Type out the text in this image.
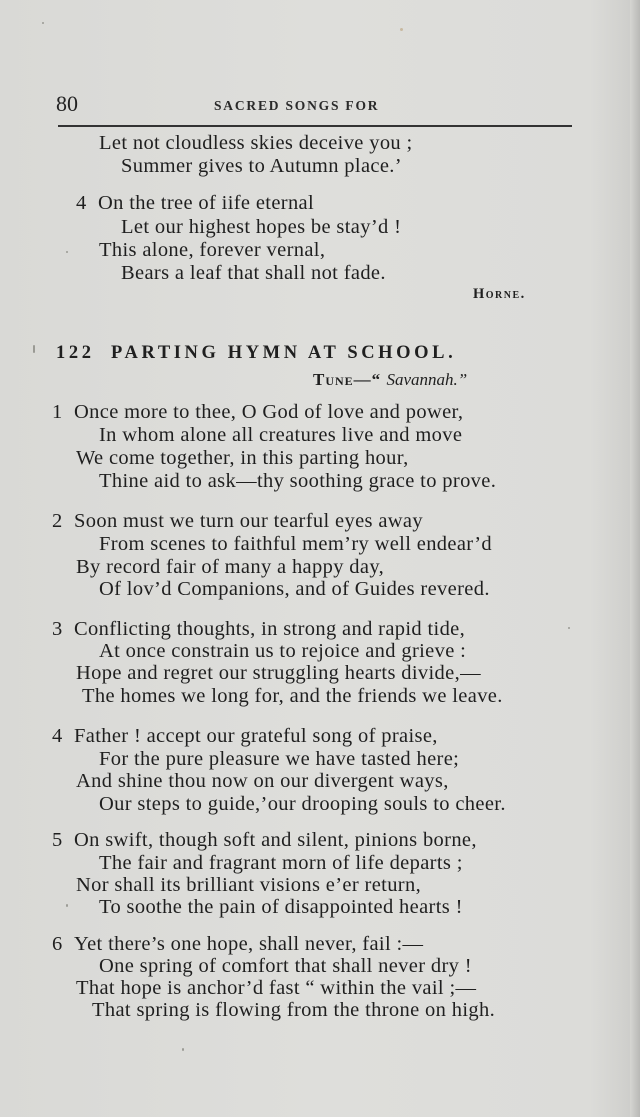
80	SACRED SONGS FOR
Let not cloudless skies deceive you ;
Summer gives to Autumn place.’
4 On the tree of iife eternal
Let our highest hopes be stay’d !
This alone, forever vernal,
Bears a leaf that shall not fade.
Horne.
122 PARTING HYMN AT SCHOOL.
Tune—“ Savannah.”
1 Once more to thee, O God of love and power,
In whom alone all creatures live and move
We come together, in this parting hour,
Thine aid to ask—thy soothing grace to prove.
2 Soon must we turn our tearful eyes away
From scenes to faithful mem’ry well endear’d
By record fair of many a happy day,
Of lov’d Companions, and of Guides revered.
3 Conflicting thoughts, in strong and rapid tide,
At once constrain us to rejoice and grieve :
Hope and regret our struggling hearts divide,—
The homes we long for, and the friends we leave.
4 Father ! accept our grateful song of praise,
For the pure pleasure we have tasted here;
And shine thou now on our divergent ways,
Our steps to guide,’our drooping souls to cheer.
5 On swift, though soft and silent, pinions borne,
The fair and fragrant morn of life departs ;
Nor shall its brilliant visions e’er return,
To soothe the pain of disappointed hearts !
6 Yet there’s one hope, shall never, fail :—
One spring of comfort that shall never dry !
That hope is anchor’d fast “ within the vail ;—
That spring is flowing from the throne on high.
